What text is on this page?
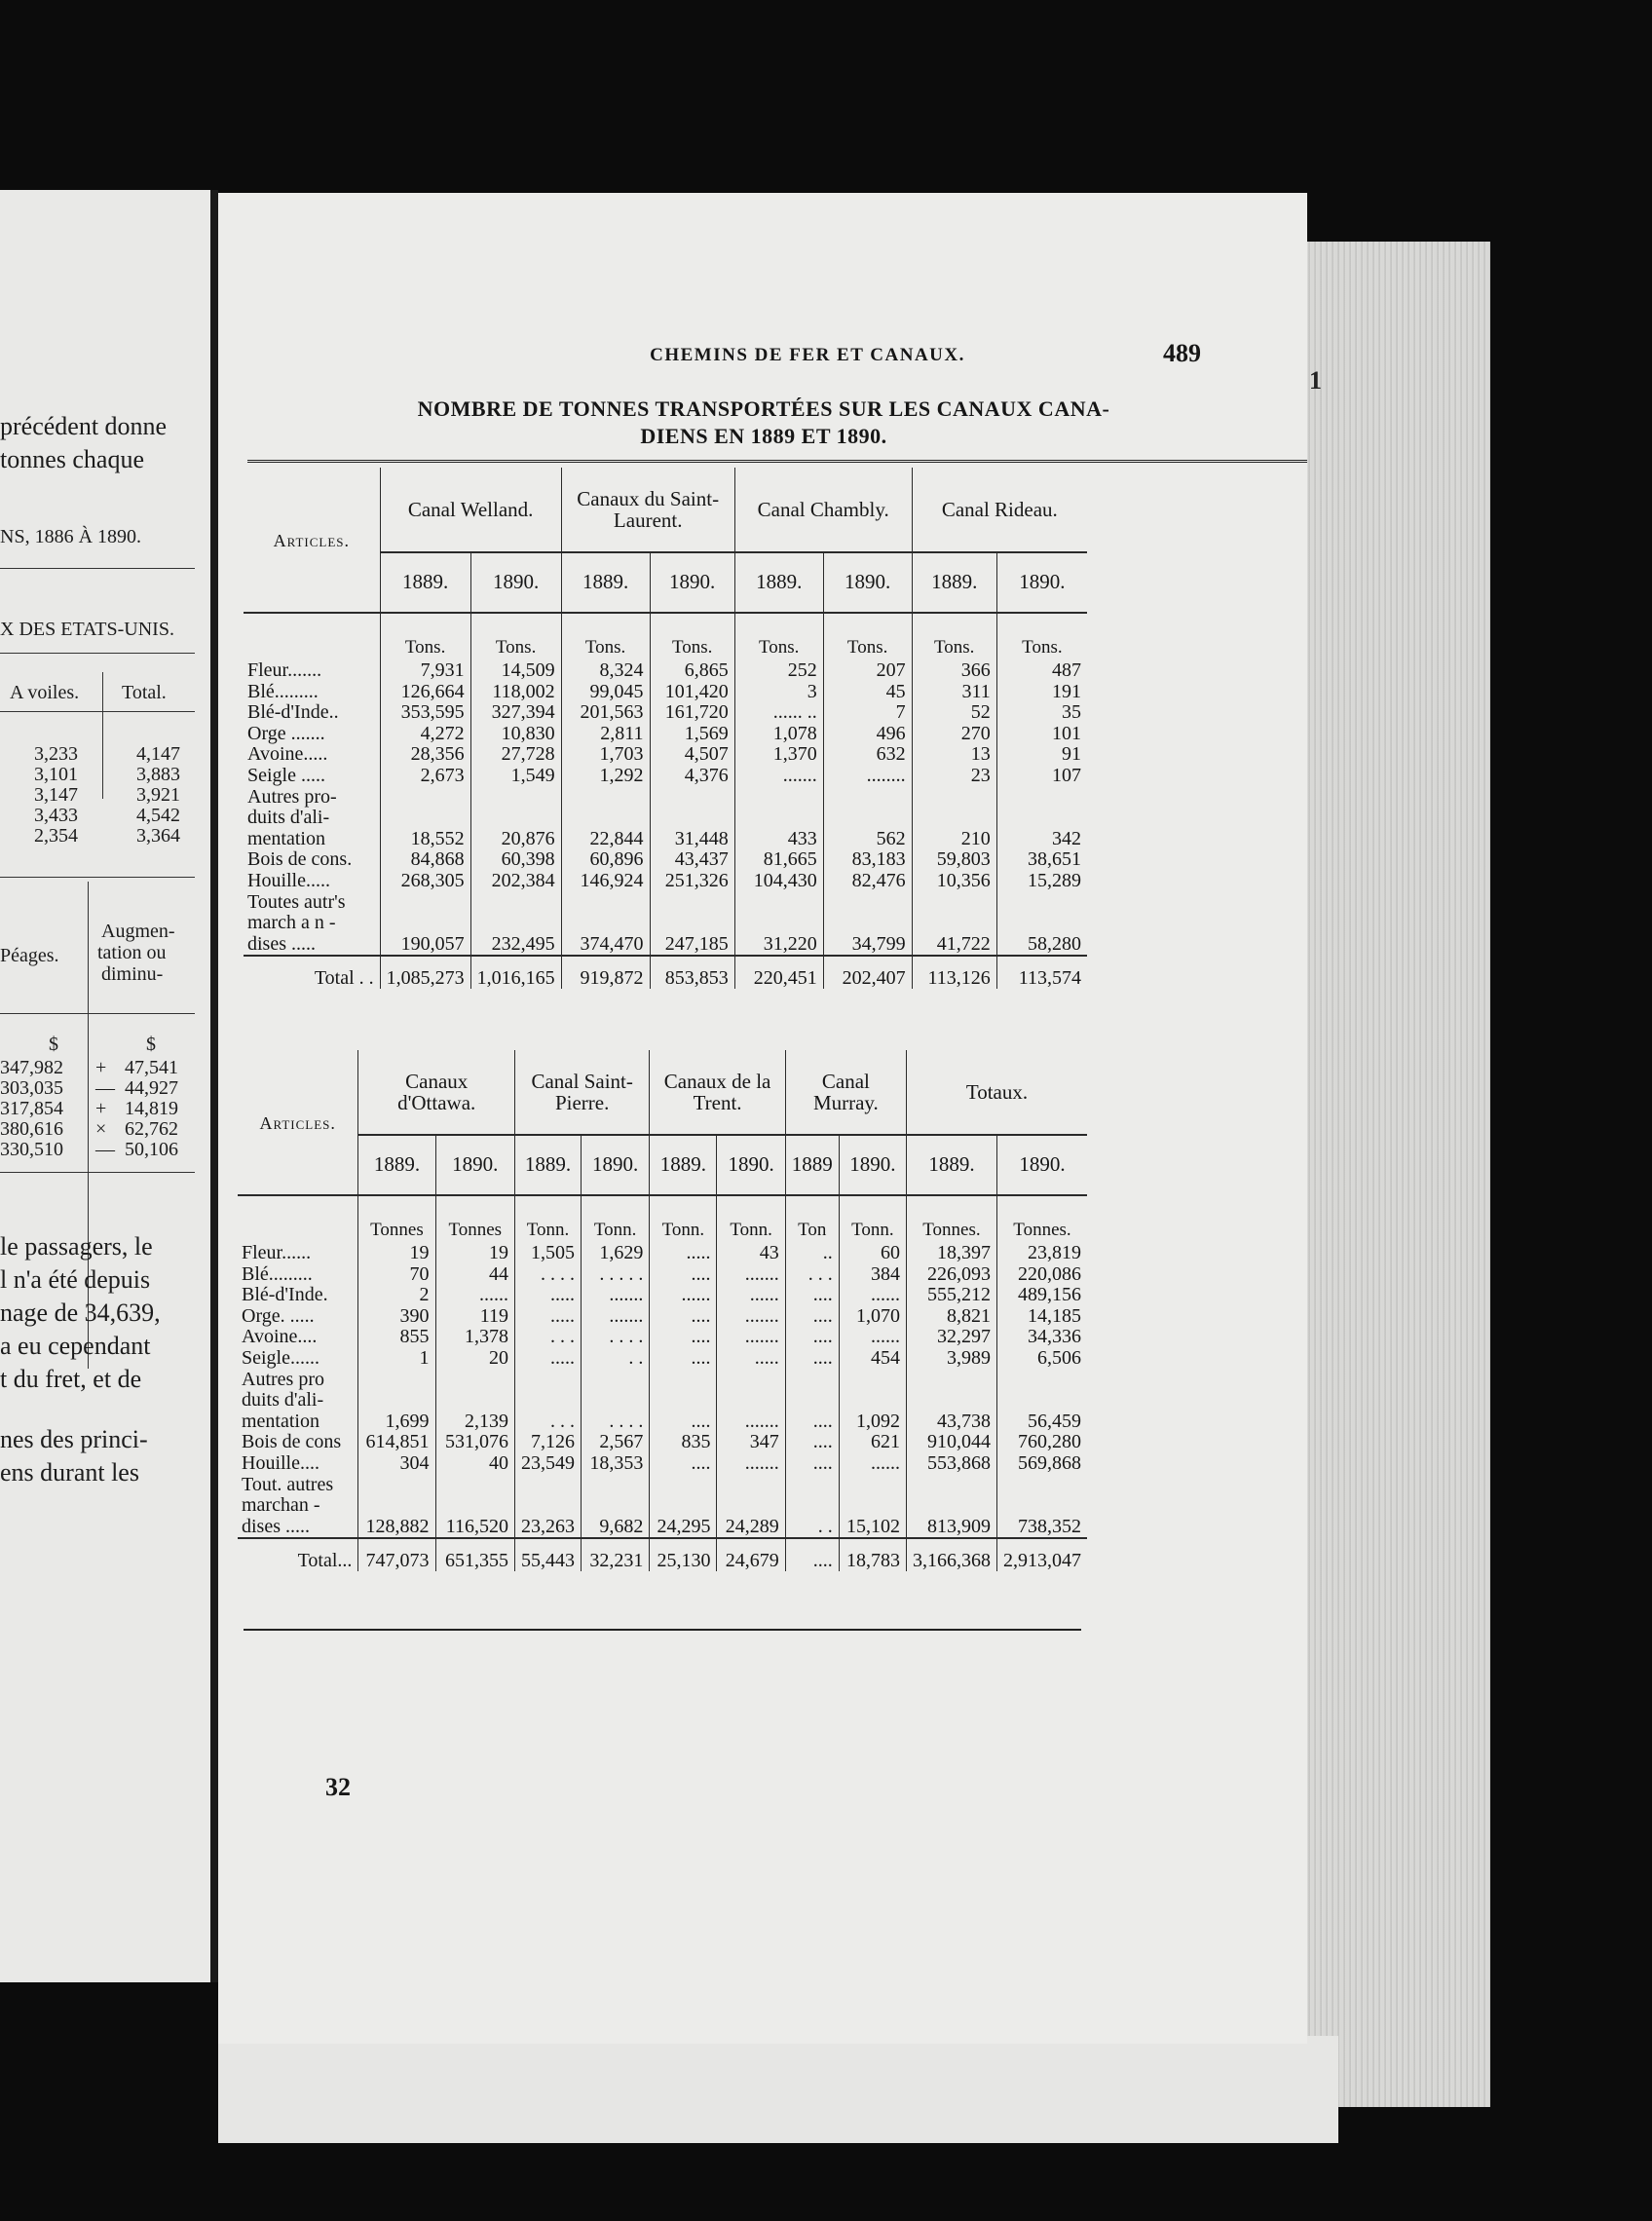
précédent donne
tonnes chaque
NS, 1886 À 1890.
X DES ETATS-UNIS.
A voiles. Total.
3,233	4,147
3,101	3,883
3,147	3,921
3,433	4,542
2,354	3,364
Péages.
Augmen-
tation ou
diminu-
$	$
347,982 + 47,541
303,035 — 44,927
317,854 + 14,819
380,616 × 62,762
330,510 — 50,106
le passagers, le
l n'a été depuis
nage de 34,639,
a eu cependant
t du fret, et de
nes des princi-
ens durant les
1
CHEMINS DE FER ET CANAUX.	489
NOMBRE DE TONNES TRANSPORTÉES SUR LES CANAUX CANA-
DIENS EN 1889 ET 1890.
Articles.	Canal Welland.		Canaux du Saint-Laurent.		Canal Chambly.		Canal Rideau.	
	1889.	1890.	1889.	1890.	1889.	1890.	1889.	1890.
	Tons.	Tons.	Tons.	Tons.	Tons.	Tons.	Tons.	Tons.
Fleur.......	7,931	14,509	8,324	6,865	252	207	366	487
Blé.........	126,664	118,002	99,045	101,420	3	45	311	191
Blé-d'Inde..	353,595	327,394	201,563	161,720	...... ..	7	52	35
Orge .......	4,272	10,830	2,811	1,569	1,078	496	270	101
Avoine.....	28,356	27,728	1,703	4,507	1,370	632	13	91
Seigle .....	2,673	1,549	1,292	4,376	.......	........	23	107
Autres pro-								
duits d'ali-								
mentation	18,552	20,876	22,844	31,448	433	562	210	342
Bois de cons.	84,868	60,398	60,896	43,437	81,665	83,183	59,803	38,651
Houille.....	268,305	202,384	146,924	251,326	104,430	82,476	10,356	15,289
Toutes autr's								
march a n -								
dises .....	190,057	232,495	374,470	247,185	31,220	34,799	41,722	58,280
Total . .	1,085,273	1,016,165	919,872	853,853	220,451	202,407	113,126	113,574
Articles.	Canaux d'Ottawa.		Canal Saint-Pierre.		Canaux de la Trent.		Canal Murray.		Totaux.	
	1889.	1890.	1889.	1890.	1889.	1890.	1889	1890.	1889.	1890.
	Tonnes	Tonnes	Tonn.	Tonn.	Tonn.	Tonn.	Ton	Tonn.	Tonnes.	Tonnes.
Fleur......	19	19	1,505	1,629	.....	43	..	60	18,397	23,819
Blé.........	70	44	. . . .	. . . . .	....	.......	. . .	384	226,093	220,086
Blé-d'Inde.	2	......	.....	.......	......	......	....	......	555,212	489,156
Orge. .....	390	119	.....	.......	....	.......	....	1,070	8,821	14,185
Avoine....	855	1,378	. . .	. . . .	....	.......	....	......	32,297	34,336
Seigle......	1	20	.....	. .	....	.....	....	454	3,989	6,506
Autres pro										
duits d'ali-										
mentation	1,699	2,139	. . .	. . . .	....	.......	....	1,092	43,738	56,459
Bois de cons	614,851	531,076	7,126	2,567	835	347	....	621	910,044	760,280
Houille....	304	40	23,549	18,353	....	.......	....	......	553,868	569,868
Tout. autres										
marchan -										
dises .....	128,882	116,520	23,263	9,682	24,295	24,289	. .	15,102	813,909	738,352
Total...	747,073	651,355	55,443	32,231	25,130	24,679	....	18,783	3,166,368	2,913,047
32
